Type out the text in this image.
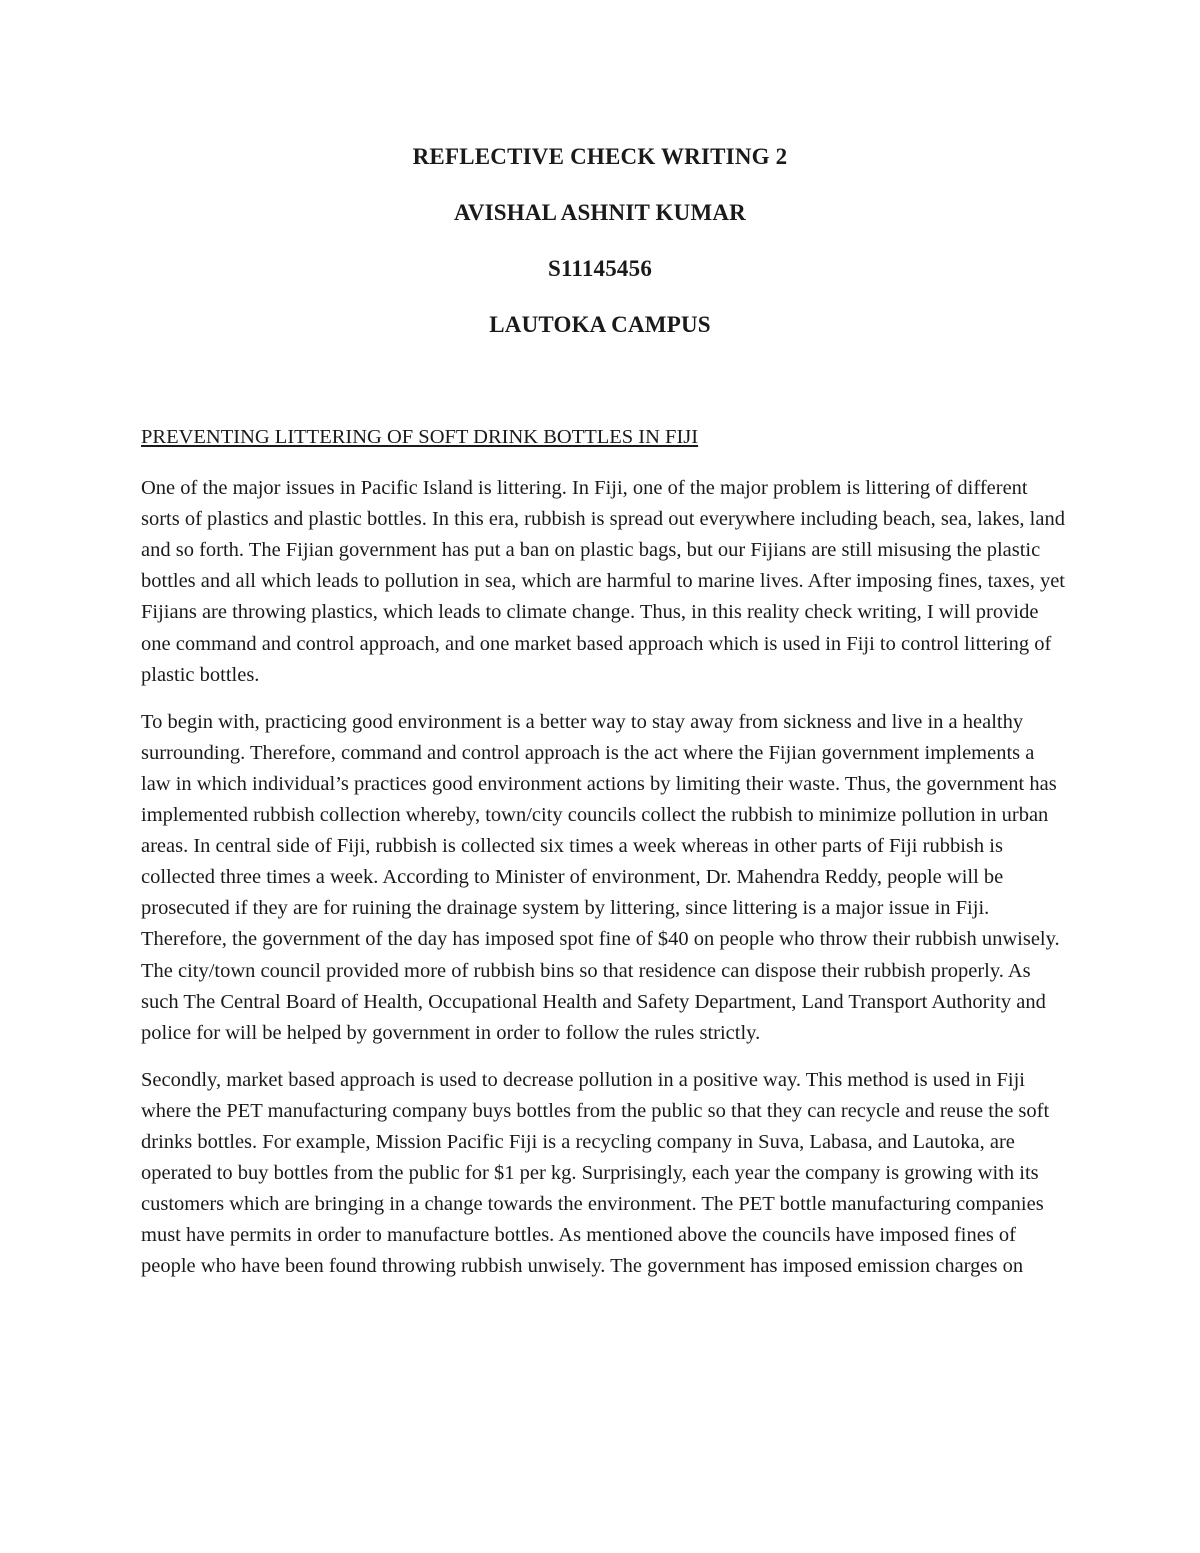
REFLECTIVE CHECK WRITING 2
AVISHAL ASHNIT KUMAR
S11145456
LAUTOKA CAMPUS
PREVENTING LITTERING OF SOFT DRINK BOTTLES IN FIJI

One of the major issues in Pacific Island is littering. In Fiji, one of the major problem is littering of different sorts of plastics and plastic bottles. In this era, rubbish is spread out everywhere including beach, sea, lakes, land and so forth. The Fijian government has put a ban on plastic bags, but our Fijians are still misusing the plastic bottles and all which leads to pollution in sea, which are harmful to marine lives. After imposing fines, taxes, yet Fijians are throwing plastics, which leads to climate change. Thus, in this reality check writing, I will provide one command and control approach, and one market based approach which is used in Fiji to control littering of plastic bottles.

To begin with, practicing good environment is a better way to stay away from sickness and live in a healthy surrounding. Therefore, command and control approach is the act where the Fijian government implements a law in which individual’s practices good environment actions by limiting their waste. Thus, the government has implemented rubbish collection whereby, town/city councils collect the rubbish to minimize pollution in urban areas. In central side of Fiji, rubbish is collected six times a week whereas in other parts of Fiji rubbish is collected three times a week. According to Minister of environment, Dr. Mahendra Reddy, people will be prosecuted if they are for ruining the drainage system by littering, since littering is a major issue in Fiji. Therefore, the government of the day has imposed spot fine of $40 on people who throw their rubbish unwisely. The city/town council provided more of rubbish bins so that residence can dispose their rubbish properly. As such The Central Board of Health, Occupational Health and Safety Department, Land Transport Authority and police for will be helped by government in order to follow the rules strictly.

Secondly, market based approach is used to decrease pollution in a positive way. This method is used in Fiji where the PET manufacturing company buys bottles from the public so that they can recycle and reuse the soft drinks bottles. For example, Mission Pacific Fiji is a recycling company in Suva, Labasa, and Lautoka, are operated to buy bottles from the public for $1 per kg. Surprisingly, each year the company is growing with its customers which are bringing in a change towards the environment. The PET bottle manufacturing companies must have permits in order to manufacture bottles. As mentioned above the councils have imposed fines of people who have been found throwing rubbish unwisely. The government has imposed emission charges on
